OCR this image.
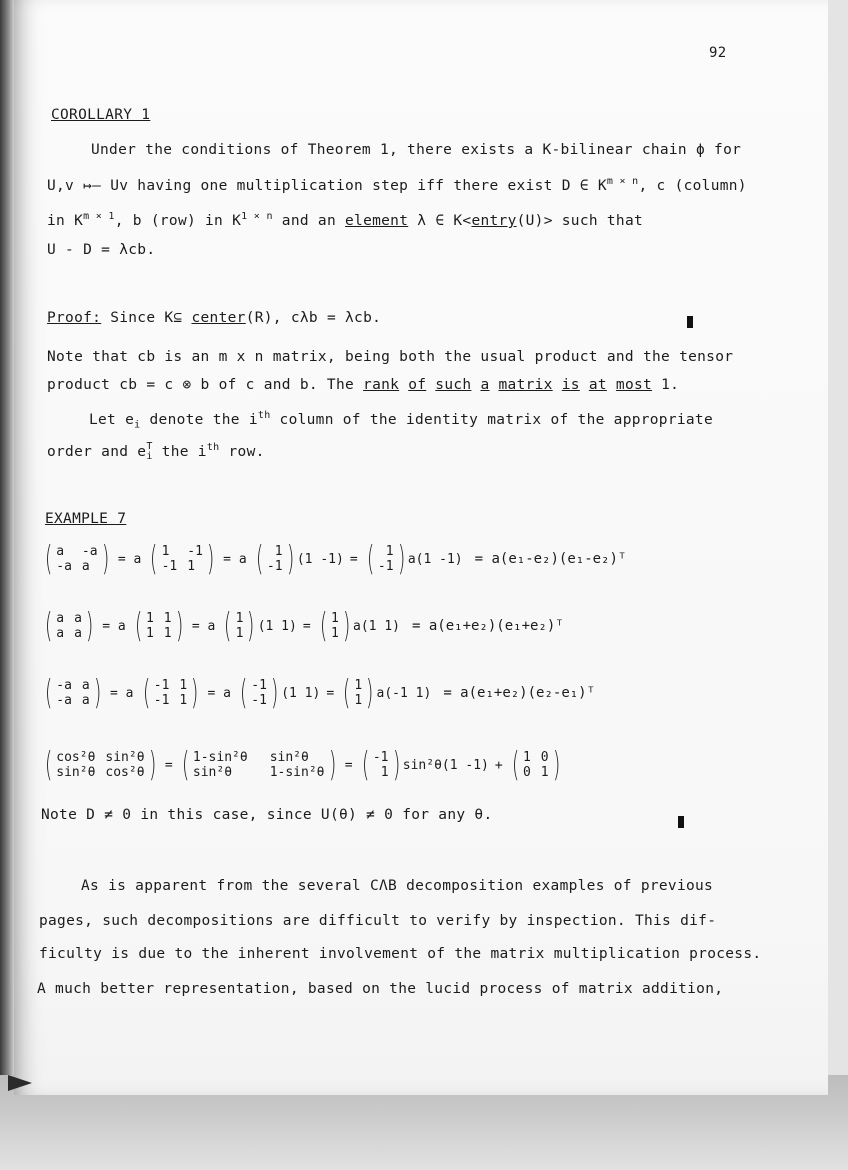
92
COROLLARY 1
Under the conditions of Theorem 1, there exists a K-bilinear chain ϕ for
U,v ↦— Uv having one multiplication step iff there exist D ∈ $K^{m \times n}$, c (column)
in $K^{m \times 1}$, b (row) in $K^{1 \times n}$ and an element λ ∈ K<entry(U)> such that
U - D = λcb.
Proof: Since K⊆ center(R), cλb = λcb.
Note that cb is an m x n matrix, being both the usual product and the tensor
product cb = c ⊗ b of c and b. The rank of such a matrix is at most 1.
Let $e_i$ denote the $i^{th}$ column of the identity matrix of the appropriate
order and e T
i the $i^{th}$ row.
EXAMPLE 7
( a	-a
-a a ) = a ( 1	-1
-1 1 ) = a ( 1
-1 ) (1 -1) = ( 1
-1 ) a(1 -1) = a(e₁-e₂)(e₁-e₂)ᵀ
( a a
a a ) = a ( 1 1
1 1 ) = a ( 1
1 ) (1 1) = ( 1
1 ) a(1 1) = a(e₁+e₂)(e₁+e₂)ᵀ
( -a a
-a a ) = a ( -1 1
-1 1 ) = a ( -1
-1 ) (1 1) = ( 1
1 ) a(-1 1) = a(e₁+e₂)(e₂-e₁)ᵀ
( cos²θ sin²θ
sin²θ cos²θ ) = ( 1-sin²θ sin²θ
sin²θ	1-sin²θ ) = ( -1
1 ) sin²θ(1 -1) + ( 1 0
0 1 )
Note D ≠ 0 in this case, since U(θ) ≠ 0 for any θ.
As is apparent from the several CΛB decomposition examples of previous
pages, such decompositions are difficult to verify by inspection. This dif-
ficulty is due to the inherent involvement of the matrix multiplication process.
A much better representation, based on the lucid process of matrix addition,
